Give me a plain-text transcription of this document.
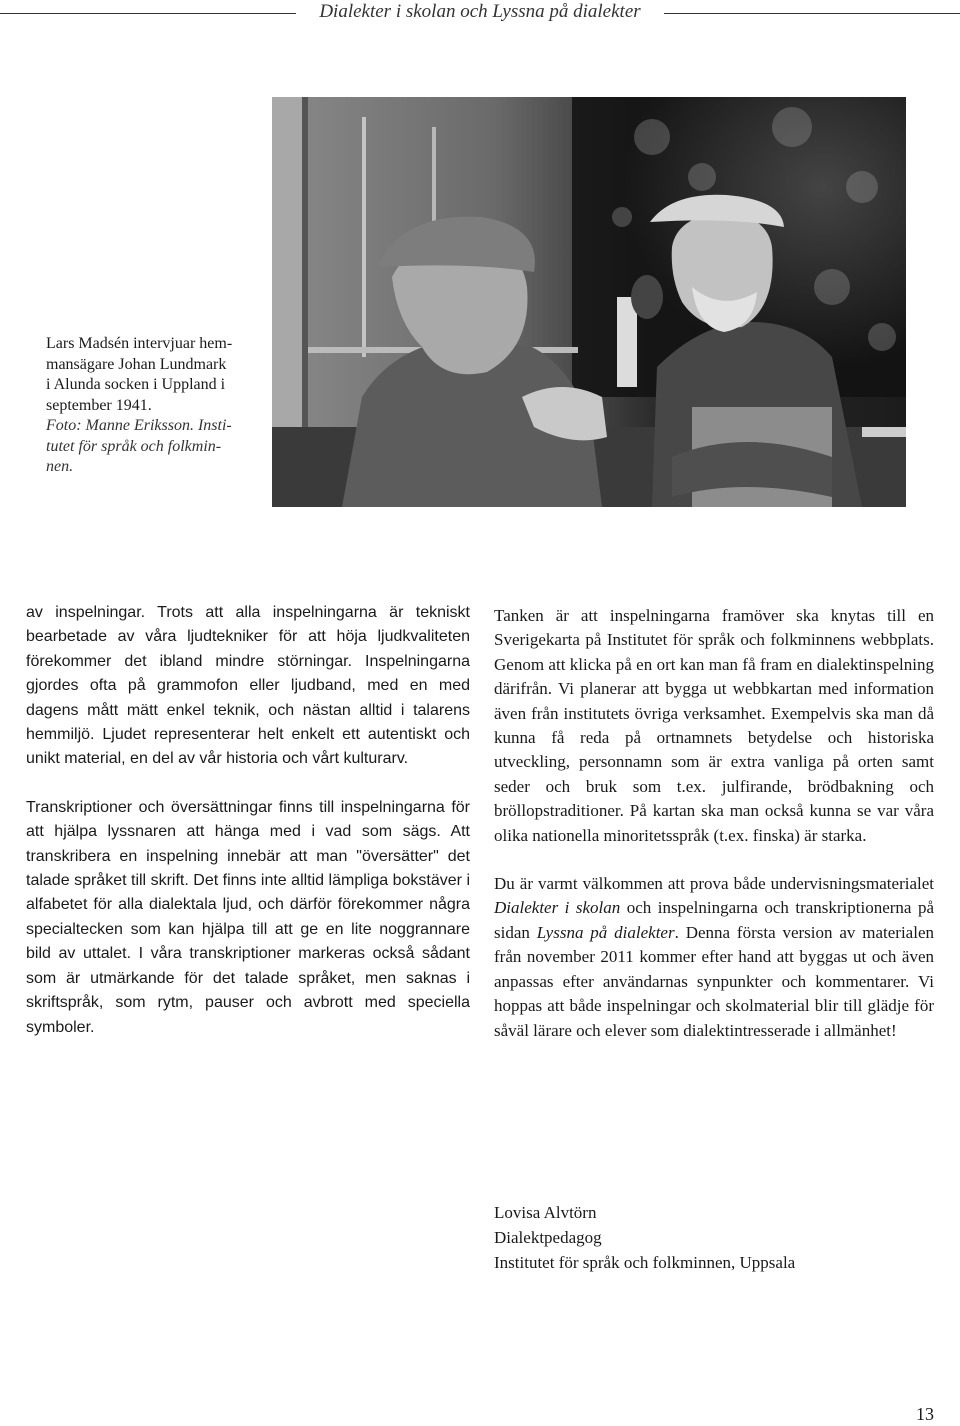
Dialekter i skolan och Lyssna på dialekter
Lars Madsén intervjuar hem-
mansägare Johan Lundmark
i Alunda socken i Uppland i
september 1941.
Foto: Manne Eriksson. Insti-
tutet för språk och folkmin-
nen.

av inspelningar. Trots att alla inspelningarna är tekniskt bearbetade av våra ljudtekniker för att höja ljudkvaliteten förekommer det ibland mindre störningar. Inspelningarna gjordes ofta på grammofon eller ljudband, med en med dagens mått mätt enkel teknik, och nästan alltid i talarens hemmiljö. Ljudet representerar helt enkelt ett autentiskt och unikt material, en del av vår historia och vårt kulturarv.

Transkriptioner och översättningar finns till inspelningarna för att hjälpa lyssnaren att hänga med i vad som sägs. Att transkribera en inspelning innebär att man "översätter" det talade språket till skrift. Det finns inte alltid lämpliga bokstäver i alfabetet för alla dialektala ljud, och därför förekommer några specialtecken som kan hjälpa till att ge en lite noggrannare bild av uttalet. I våra transkriptioner markeras också sådant som är utmärkande för det talade språket, men saknas i skriftspråk, som rytm, pauser och avbrott med speciella symboler.

Tanken är att inspelningarna framöver ska knytas till en Sverigekarta på Institutet för språk och folkminnens webbplats. Genom att klicka på en ort kan man få fram en dialektinspelning därifrån. Vi planerar att bygga ut webbkartan med information även från institutets övriga verksamhet. Exempelvis ska man då kunna få reda på ortnamnets betydelse och historiska utveckling, personnamn som är extra vanliga på orten samt seder och bruk som t.ex. julfirande, brödbakning och bröllopstraditioner. På kartan ska man också kunna se var våra olika nationella minoritetsspråk (t.ex. finska) är starka.

Du är varmt välkommen att prova både undervisningsmaterialet Dialekter i skolan och inspelningarna och transkriptionerna på sidan Lyssna på dialekter. Denna första version av materialen från november 2011 kommer efter hand att byggas ut och även anpassas efter användarnas synpunkter och kommentarer. Vi hoppas att både inspelningar och skolmaterial blir till glädje för såväl lärare och elever som dialektintresserade i allmänhet!

Lovisa Alvtörn
Dialektpedagog
Institutet för språk och folkminnen, Uppsala
13
